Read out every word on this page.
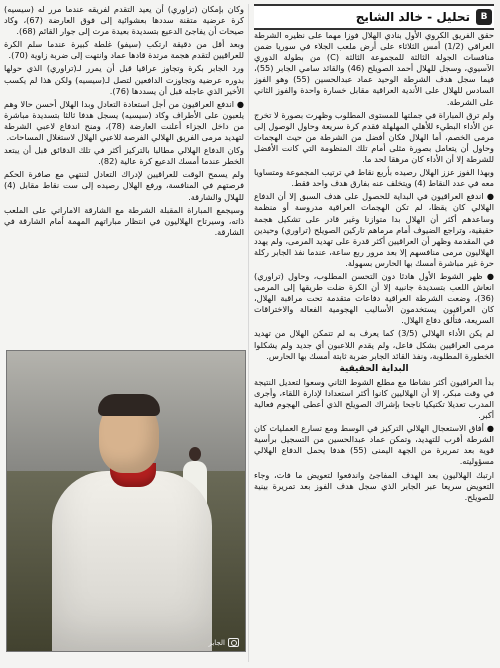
B
تحليل - خالد الشايج

حقق الفريق الكروي الأول بنادي الهلال فوزا مهما على نظيره الشرطة العراقي (1/2) أمس الثلاثاء على أرض ملعب الجلاء في سوريا ضمن منافسات الجولة الثالثة للمجموعة الثالثة (C) من بطولة الدوري الآسيوي، وسجل للهلال أحمد الصويلح (46) والقائد سامي الجابر (55)، فيما سجل هدف الشرطة الوحيد عماد عبدالحسين (55) وهو الفوز السادس للهلال على الأندية العراقية مقابل خسارة واحدة والفوز الثاني على الشرطة.

ولم ترق المباراة في جملتها للمستوى المطلوب وظهرت بصورة لا تخرج عن الأداء البطيء للأهلي المهلهلة فقدم كرة سريعة وحاول الوصول إلى مرمى الخصم، أما الهلال فكان أفضل من الشرطة من حيث الهجمات وحاول أن يتعامل بصورة مثلى أمام تلك المنظومة التي كانت الأفضل للشرطة إلا أن الأداء كان مرهقا لحد ما.

وبهذا الفوز عزز الهلال رصيده بأربع نقاط في ترتيب المجموعة ومتساويا معه في عدد النقاط (4) ويتخلف عنه بفارق هدف واحد فقط.

● اندفع العراقيون في البداية للحصول على هدف السبق إلا أن الدفاع الهلالي كان يقظا، لم تكن الهجمات العراقية مدروسة أو منظمة وساعدهم أكثر أن الهلال بدا متوازنا وغير قادر على تشكيل هجمة حقيقية، وتراجع الضيوف أمام مرماهم تاركين الصويلح (تراوري) وحيدين في المقدمة وظهر أن العراقيين أكثر قدرة على تهديد المرمى، ولم يهدد الهلاليون مرمى منافسهم إلا بعد مرور ربع ساعة، عندما نفذ الجابر ركلة حرة غير مباشرة أمسك بها الحارس بسهولة.

● ظهر الشوط الأول هادئا دون التحسن المطلوب، وحاول (تراوري) انعاش اللعب بتسديدة جانبية إلا أن الكرة ضلت طريقها إلى المرمى (36)، وضعت الشرطة العراقية دفاعات متقدمة تحت مراقبة الهلال، كان العراقيون يستخدمون الأساليب الهجومية الفعالة والاختراقات السريعة، فتألق دفاع الهلال.

لم يكن الأداء الهلالي (3/5) كما يعرف به لم تتمكن الهلال من تهديد مرمى العراقيين بشكل فاعل، ولم يقدم اللاعبون أي جديد ولم يشكلوا الخطورة المطلوبة، ونفذ القائد الجابر ضربة ثابتة أمسك بها الحارس.

البداية الحقيقية

بدأ العراقيون أكثر نشاطا مع مطلع الشوط الثاني وسعوا لتعديل النتيجة في وقت مبكر، إلا أن الهلاليين كانوا أكثر استعدادا لإدارة اللقاء، وأجرى المدرب تعديلا تكتيكيا ناجحا بإشراك الصويلح الذي أعطى الهجوم فعالية أكبر.

● أفاق الاستعجال الهلالي التركيز في الوسط ومع تسارع العمليات كان الشرطة أقرب للتهديد، وتمكن عماد عبدالحسين من التسجيل برأسية قوية بعد تمريرة من الجهة اليمنى (55) هدفا يحمل الدفاع الهلالي مسؤوليته.

ارتبك الهلاليون بعد الهدف المفاجئ واندفعوا لتعويض ما فات، وجاء التعويض سريعا عبر الجابر الذي سجل هدف الفوز بعد تمريرة بينية للصويلح.

وكان بإمكان (تراوري) أن يعيد التقدم لفريقه عندما مرر له (سيسيه) كرة عرضية متقنة سددها بعشوائية إلى فوق العارضة (67)، وكاد صيحات أن يفاجئ الدعيع بتسديدة بعيدة مرت إلى جوار القائم (68).

وبعد أقل من دقيقة ارتكب (سيفو) غلطة كبيرة عندما سلم الكرة للعراقيين لتقدم هجمة مرتدة قادها عماد وانتهت إلى ضربة زاوية (70).

ورد الجابر بكرة وتجاوز عراقيا قبل أن يمرر لـ(تراوري) الذي حولها بدوره عرضية وتجاوزت الدافعين لتصل لـ(سيسيه) ولكن هذا لم يكسب الأخير الذي عاجله قبل أن يسددها (76).

● اندفع العراقيون من أجل استعادة التعادل وبدا الهلال أحسن حالا وهم يلعبون على الأطراف وكاد (سيسيه) يسجل هدفا ثالثا بتسديدة مباشرة من داخل الجزاء أعلنت العارضة (78)، ومنح اندفاع لاعبي الشرطة لتهديد مرمى الفريق الهلالي الفرصة للاعبي الهلال لاستغلال المساحات.

وكان الدفاع الهلالي مطالبا بالتركيز أكثر في تلك الدقائق قبل أن يبتعد الخطر عندما أمسك الدعيع كرة عالية (82).

ولم يسمح الوقت للعراقيين لإدراك التعادل لتنتهي مع صافرة الحكم فرصتهم في المنافسة، ورفع الهلال رصيده إلى ست نقاط مقابل (4) للهلال والشارقة.

وسيجمع المباراة المقبلة الشرطة مع الشارقة الاماراتي على الملعب ذاته، وسيرتاح الهلاليون في انتظار مباراتهم المهمة أمام الشارقة في الشارقة.

الجابر
